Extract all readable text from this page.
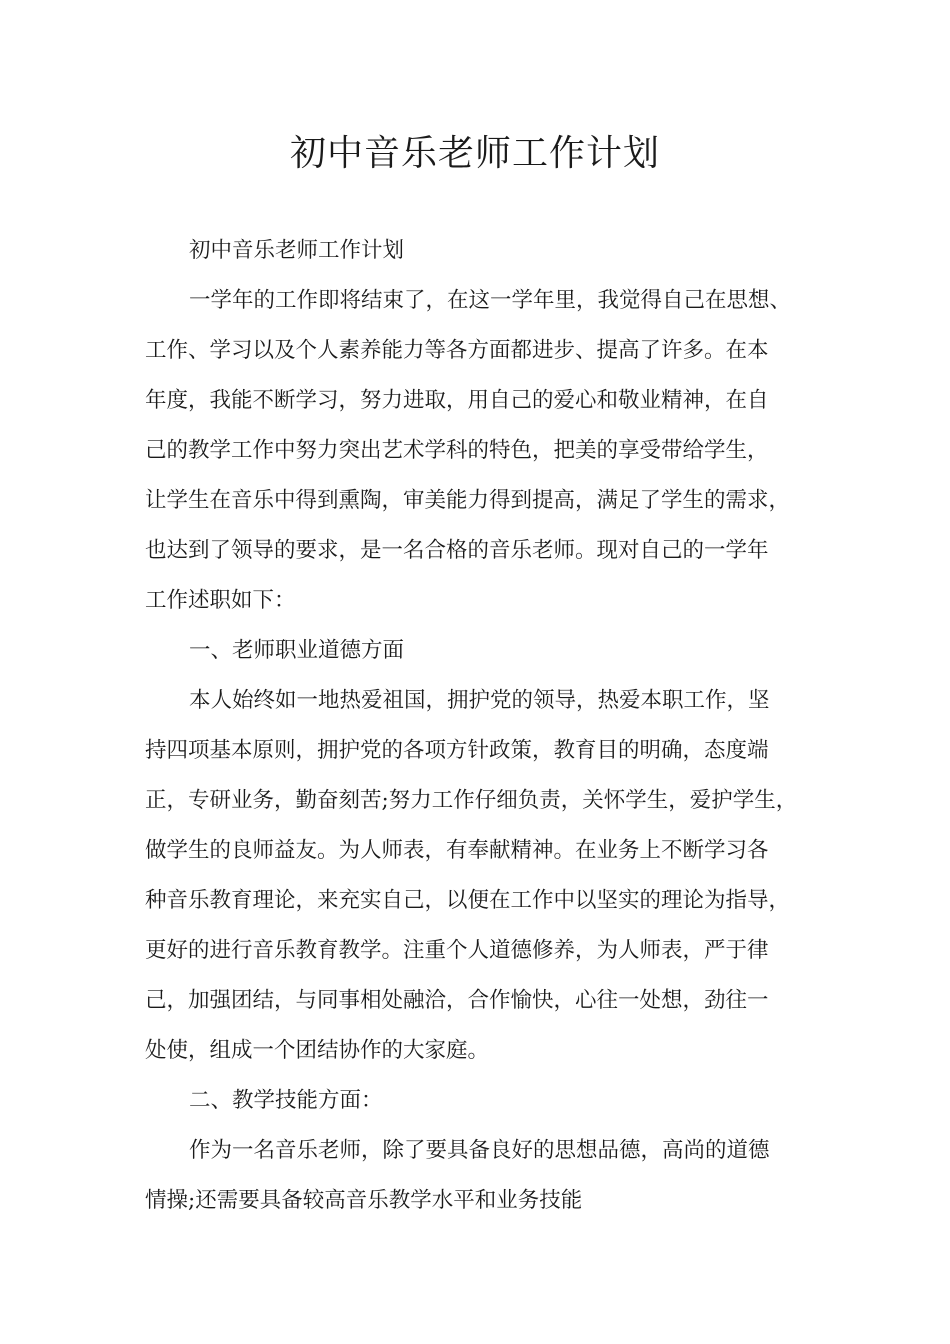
初中音乐老师工作计划
初中音乐老师工作计划
一学年的工作即将结束了，在这一学年里，我觉得自己在思想、
工作、学习以及个人素养能力等各方面都进步、提高了许多。在本
年度，我能不断学习，努力进取，用自己的爱心和敬业精神，在自
己的教学工作中努力突出艺术学科的特色，把美的享受带给学生，
让学生在音乐中得到熏陶，审美能力得到提高，满足了学生的需求，
也达到了领导的要求，是一名合格的音乐老师。现对自己的一学年
工作述职如下：
一、老师职业道德方面
本人始终如一地热爱祖国，拥护党的领导，热爱本职工作，坚
持四项基本原则，拥护党的各项方针政策，教育目的明确，态度端
正，专研业务，勤奋刻苦;努力工作仔细负责，关怀学生，爱护学生，
做学生的良师益友。为人师表，有奉献精神。在业务上不断学习各
种音乐教育理论，来充实自己，以便在工作中以坚实的理论为指导，
更好的进行音乐教育教学。注重个人道德修养，为人师表，严于律
己，加强团结，与同事相处融洽，合作愉快，心往一处想，劲往一
处使，组成一个团结协作的大家庭。
二、教学技能方面：
作为一名音乐老师，除了要具备良好的思想品德，高尚的道德
情操;还需要具备较高音乐教学水平和业务技能
